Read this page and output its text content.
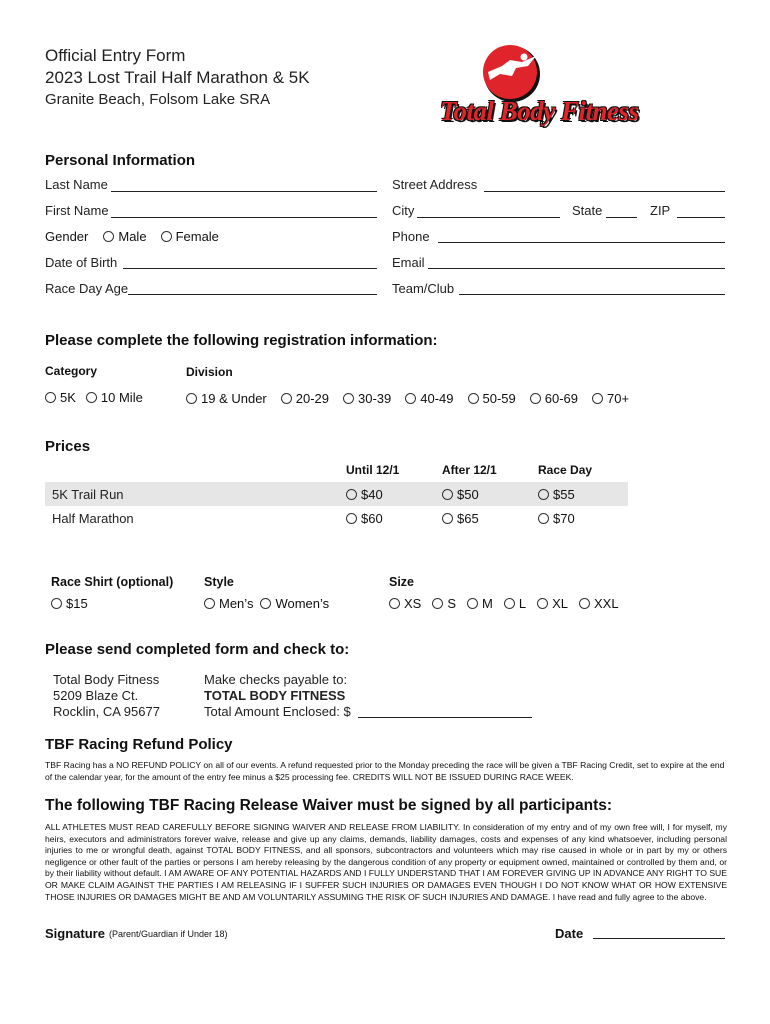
Official Entry Form
2023 Lost Trail Half Marathon & 5K
Granite Beach, Folsom Lake SRA	Total Body Fitness
Personal Information
Last Name	Street Address
First Name	City	State	ZIP
Gender Male Female	Phone
Date of Birth	Email
Race Day Age	Team/Club
Please complete the following registration information:
Category	Division
5K 10 Mile	19 & Under 20-29 30-39 40-49 50-59 60-69 70+
Prices
Until 12/1	After 12/1	Race Day
5K Trail Run	$40	$50	$55
Half Marathon	$60	$65	$70
Race Shirt (optional)
$15
Style
Men’s Women’s
Size
XS S M L XL XXL
Please send completed form and check to:
Total Body Fitness
5209 Blaze Ct.
Rocklin, CA 95677
Make checks payable to:
TOTAL BODY FITNESS
Total Amount Enclosed: $
TBF Racing Refund Policy
TBF Racing has a NO REFUND POLICY on all of our events. A refund requested prior to the Monday preceding the race will be given a TBF Racing Credit, set to expire at the end of the calendar year, for the amount of the entry fee minus a $25 processing fee. CREDITS WILL NOT BE ISSUED DURING RACE WEEK.
The following TBF Racing Release Waiver must be signed by all participants:
ALL ATHLETES MUST READ CAREFULLY BEFORE SIGNING WAIVER AND RELEASE FROM LIABILITY. In consideration of my entry and of my own free will, I for myself, my heirs, executors and administrators forever waive, release and give up any claims, demands, liability damages, costs and expenses of any kind whatsoever, including personal injuries to me or wrongful death, against TOTAL BODY FITNESS, and all sponsors, subcontractors and volunteers which may rise caused in whole or in part by my or others negligence or other fault of the parties or persons I am hereby releasing by the dangerous condition of any property or equipment owned, maintained or controlled by them and, or by their liability without default. I AM AWARE OF ANY POTENTIAL HAZARDS AND I FULLY UNDERSTAND THAT I AM FOREVER GIVING UP IN ADVANCE ANY RIGHT TO SUE OR MAKE CLAIM AGAINST THE PARTIES I AM RELEASING IF I SUFFER SUCH INJURIES OR DAMAGES EVEN THOUGH I DO NOT KNOW WHAT OR HOW EXTENSIVE THOSE INJURIES OR DAMAGES MIGHT BE AND AM VOLUNTARILY ASSUMING THE RISK OF SUCH INJURIES AND DAMAGE. I have read and fully agree to the above.
Signature (Parent/Guardian if Under 18)	Date
